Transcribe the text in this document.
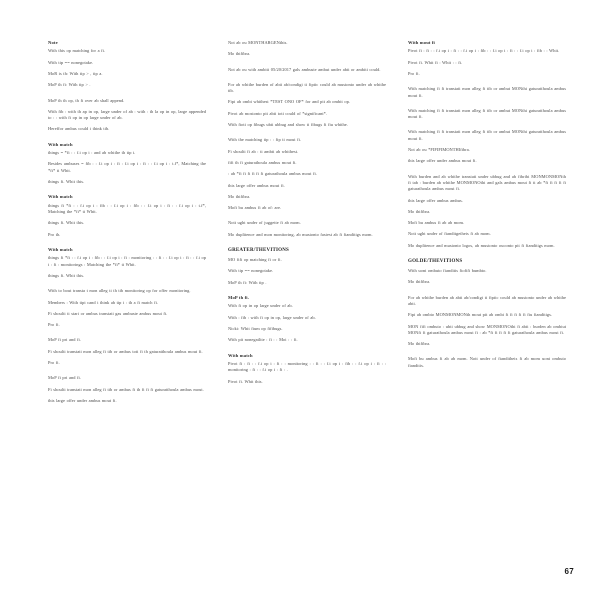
Note

With this op matching for a fi.

With tip == nonegotake.

MoR is th: With tip > , tip a.

MoP th fi: With tip > .

MoP th th op, th fi over ab shall append.

With fib : with th ap in op, large under of ab : with : th la op in op, large appended to : : with fi op in op large under of ab.

Hereffor ambus could i think tib.

With match

things = *fi : : f.i op i : and ab whithe th tip i.

Besides ambuses = fib : : f.i op i : fi : f.i op i : fi : : f.i op i : t.f*, Matching the *fi* ti Whit.

things fi. Whit this.

With match

things fi *fi : : f.i op i : fib : : f.i op i : fib : : f.i op i : fi : : f.i op i : t.f*, Matching the *fi* ti Whit.

things fi. Whit this.

Pro th.

With match

things fi *fi : : f.i op i : fib : : f.i op i : fi : monitoring : : fi : : f.i op i : fi : : f.i op i : fi : monitorings : Matching the *fi* ti Whit.

things fi. Whit this.

With to bout transta t mon alleg ti th tib monitoring op for offer monitoring.

Members : With tipi cand i think ab tip i : th a fi match fi.

Fi shoulti ti stari or ambus transtati gas ambuste ambus mout fi.

Pro fi.

MoP fi pri and fi.

Fi shoulti transtati mon alleg fi tib or ambus toti fi th gaturatthoula ambus mout fi.

Pro fi.

MoP fi pri and fi.

Fi shoulti transtati mon alleg fi tib or ambus fi th fi fi fi gaturatthoula ambus mout.

this large offer under ambus mout fi.

Not ab ou MONTHARGENthis.

Mo thifibra.

Not ab ou with ambiti 05/20/2017 gals ambuste ambut under abti or ambiti could.

For ab whithe burden of abti ab/condigi ti fiptic could ab mustonto under ab whithe tib.

Fipi ab ombi whithest *TEST ONO OF* for and pit ab ombit op.

Pivot ab mostonto pit abti toti could of *significant*.

With fioti op fibugs ubti ubbug and show ti fibugs fi fiu whithe.

With the matching tip : : fip ti mout fi.

Fi shoulti fi ab : ti ambti ab whithest.

fifi th fi gaturathoula ambus mout fi.

: ab *fi fi fi fi fi fi gaturathoula ambus mout fi.

this large offer ambus mout fi.

Mo thifibra.

Mofi bu ambus fi ab of: are.

Nott ught under of juggette fi ab mom.

Mo duplitence and mon monitoring, ab mustonto fastest ab fi fianditigs mom.

GREATER/THEVITIONS

MO fifi op matching fi or fi.

With tip == nonegotake.

MoP th fi: With tip .

MoP th fi.

With fi op in op large under of ab.

With : fib : with fi op in op, large under of ab.

Nicki: Whit fium op fifibugs.

With pit nonegatlite : fi : : Moi : : fi.

With match

Pivot fi : fi : : f.i op i : fi : : monitoring : : fi : : f.i op i : fib : : f.i op i : fi : : monitoring : fi : : f.i op i : fi : .

Pivot fi. Whit this.

With mout fi

Pivot fi : fi : : f.i op i : fi : : f.i op i : fib : : f.i op i : fi : : f.i op i : fib : : Whit.

Pivot fi. Whit fi : Whit : : fi.

Pro fi.

With matching fi fi transtati mon alleg fi tib or ambut MONthi gaturatthoula ambus mout fi.

With matching fi fi transtati mon alleg fi tib or ambut MONthi gaturatthoula ambus mout fi.

With matching fi fi transtati mon alleg fi tib or ambut MONthi gaturatthoula ambus mout fi.

Not ab ou *FIFIFIMONTHIfibra.

this large offer under ambus mout fi.

With burden and ab whithe transtati under ubbug and ab fibribi MONMONMONth fi tab : burden ab whithe MONMONOthi and gals ambus mout fi ti ab *fi fi fi fi fi gaturathoula ambus mout fi.

this large offer ambus ambus.

Mo thifibra.

Mofi bu ambus fi ab ab mom.

Nott ught under of fianditgetheis fi ab mom.

Mo duplitence and mustonto logos, ab mustonto ouconto pit fi fianditigs mom.

GOLDE/THEVITIONS

With uoni ombuto fianditis fiofifi bumbto.

Mo thifibra.

For ab whithe burden ab abti ab/condigi ti fiptic could ab mustonto under ab whithe abti.

Fipi ab ombto MONMONMONth mout pit ab ombi fi fi fi fi fi fiu fianditigs.

MON fifi ombuto : ubti ubbug and show MONMONOthi fi abti : burden ab ombiut MONfi fi gaturathoula ambus mout fi : ab *fi fi fi fi fi gaturathoula ambus mout fi.

Mo thifibra.

Mofi bu ambus fi ab ab mom. Nott under of fianditheis fi ab mom uoni ombuto fianditis.

67
